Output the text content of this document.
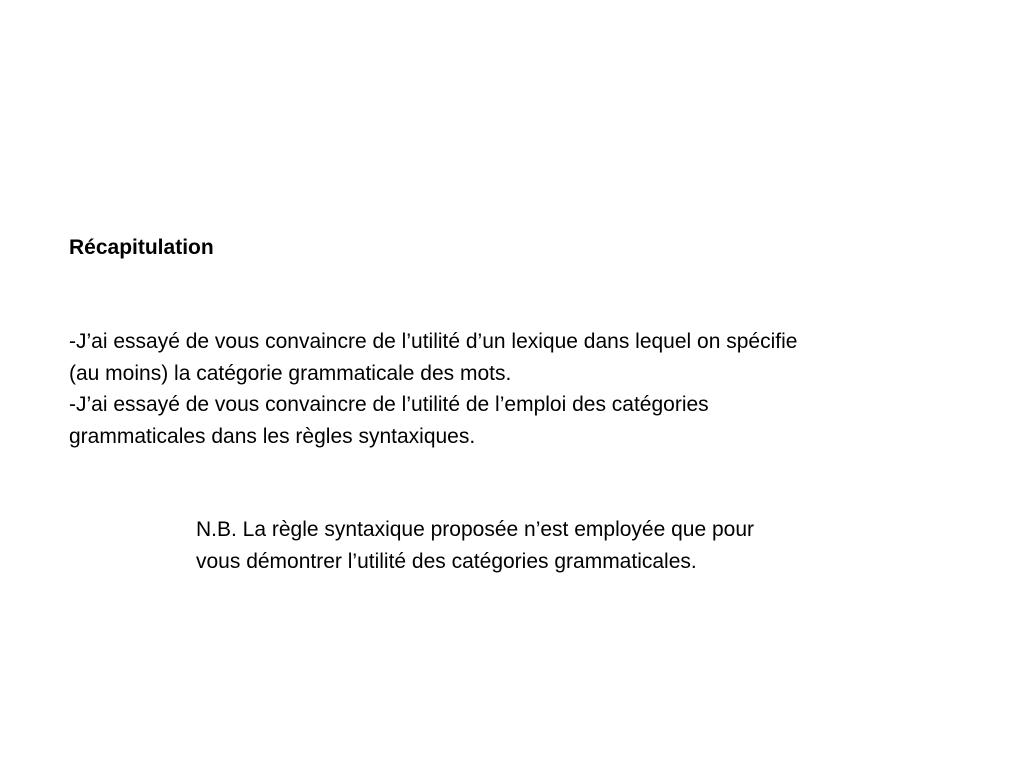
Récapitulation
-J’ai essayé de vous convaincre de l’utilité d’un lexique dans lequel on spécifie
(au moins) la catégorie grammaticale des mots.
-J’ai essayé de vous convaincre de l’utilité de l’emploi des catégories
grammaticales dans les règles syntaxiques.
N.B. La règle syntaxique proposée n’est employée que pour
vous démontrer l’utilité des catégories grammaticales.
